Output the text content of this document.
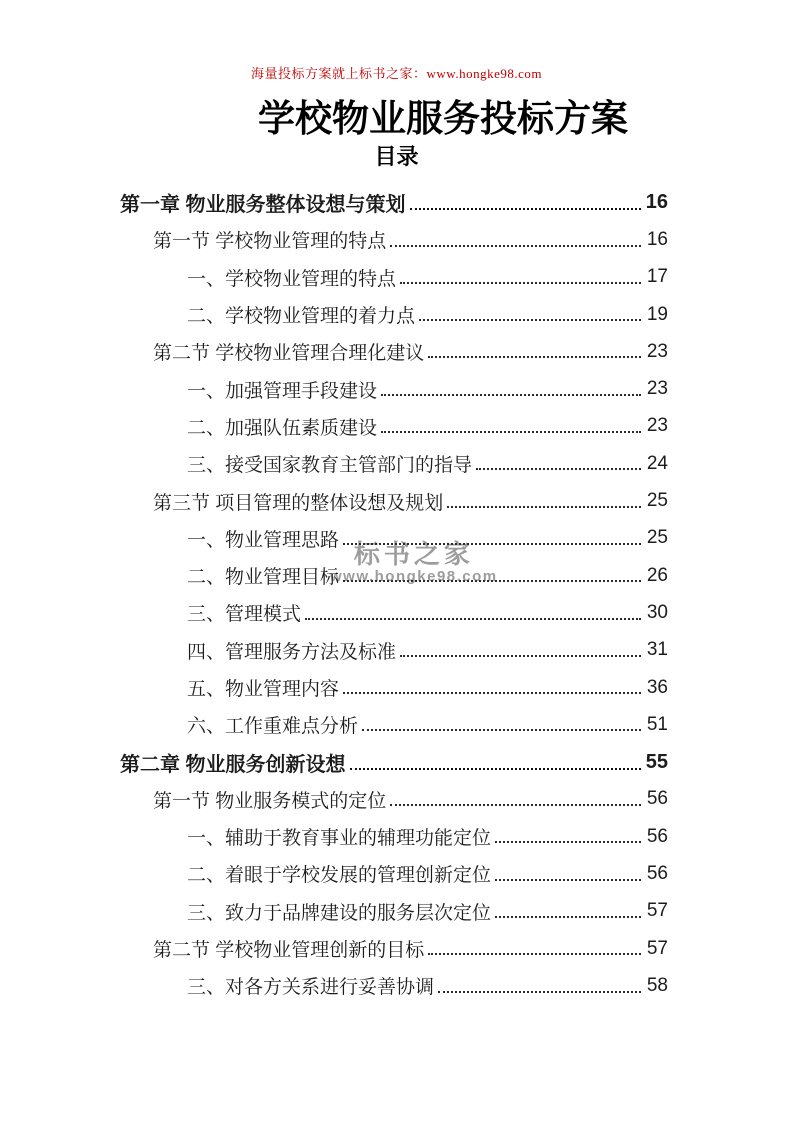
海量投标方案就上标书之家：www.hongke98.com
学校物业服务投标方案
目录
标书之家
www.hongke98.com
第一章 物业服务整体设想与策划	16
第一节 学校物业管理的特点	16
一、学校物业管理的特点	17
二、学校物业管理的着力点	19
第二节 学校物业管理合理化建议	23
一、加强管理手段建设	23
二、加强队伍素质建设	23
三、接受国家教育主管部门的指导	24
第三节 项目管理的整体设想及规划	25
一、物业管理思路	25
二、物业管理目标	26
三、管理模式	30
四、管理服务方法及标准	31
五、物业管理内容	36
六、工作重难点分析	51
第二章 物业服务创新设想	55
第一节 物业服务模式的定位	56
一、辅助于教育事业的辅理功能定位	56
二、着眼于学校发展的管理创新定位	56
三、致力于品牌建设的服务层次定位	57
第二节 学校物业管理创新的目标	57
三、对各方关系进行妥善协调	58
